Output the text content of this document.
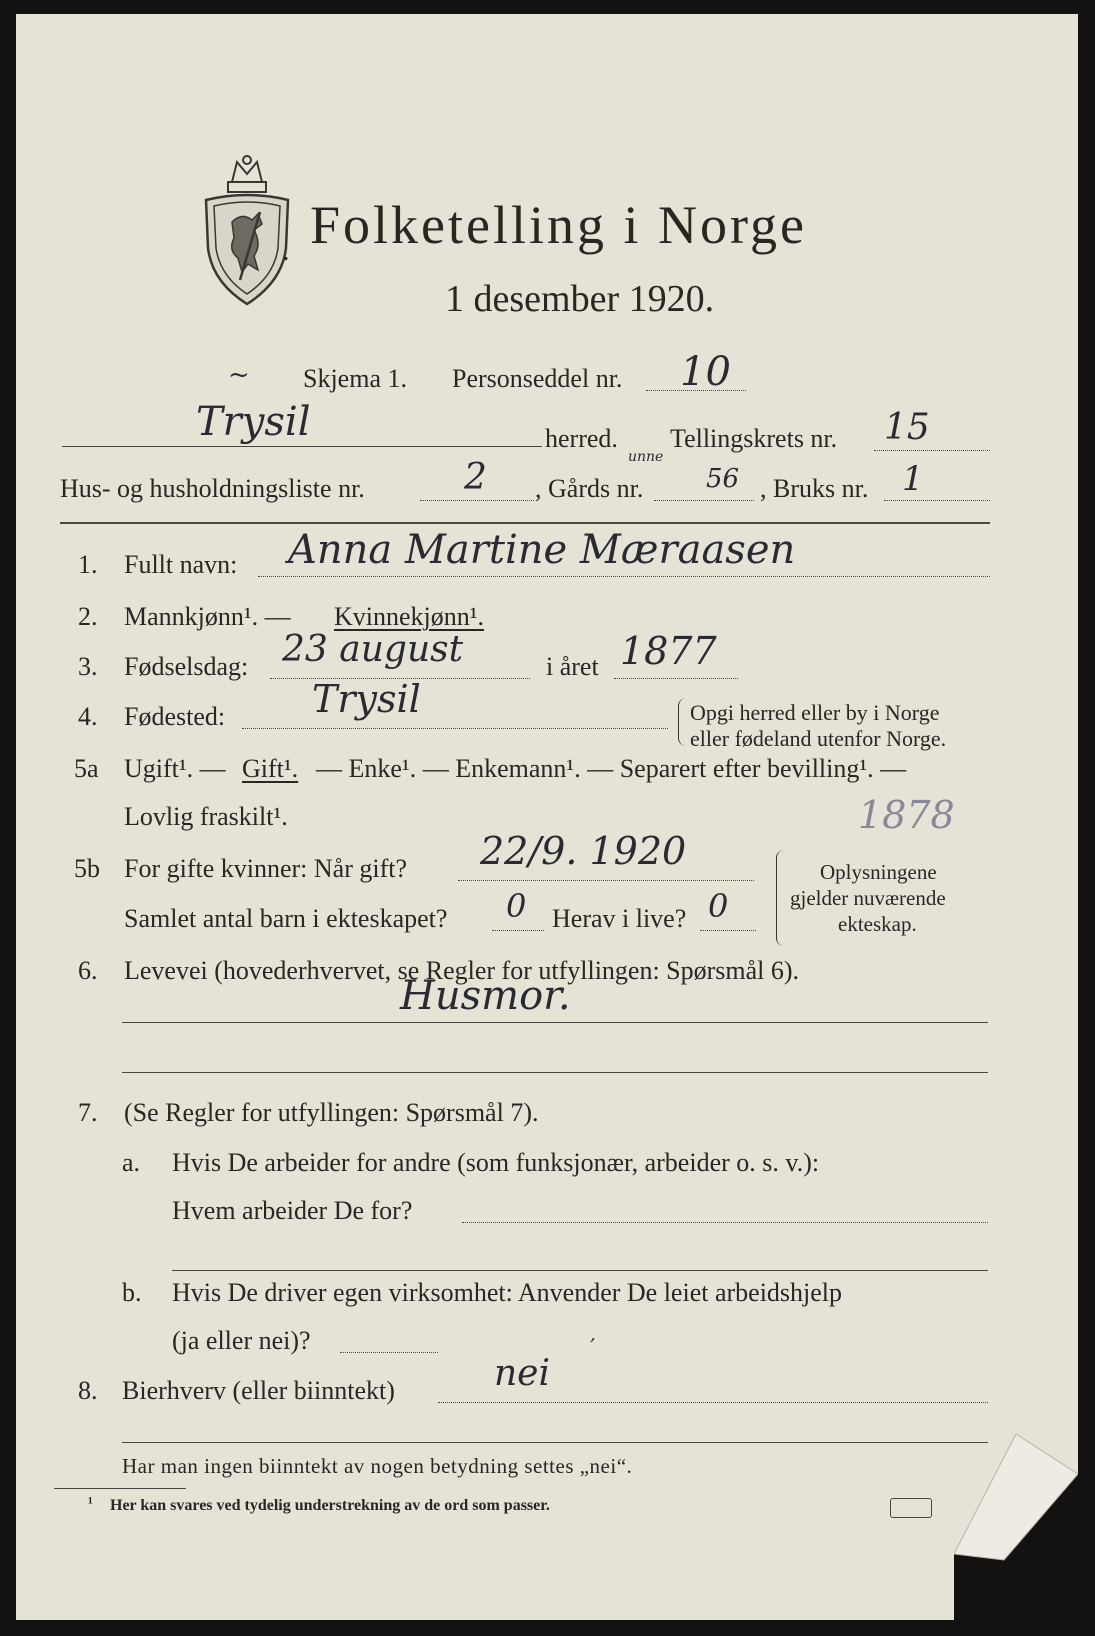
. Folketelling i Norge
1 desember 1920.
~ Skjema 1. Personseddel nr. 10
Trysil	herred. Tellingskrets nr. 15
Hus- og husholdningsliste nr.	2 , Gårds nr. 56
unne
, Bruks nr. 1
1. Fullt navn: Anna Martine Mæraasen
2. Mannkjønn¹. — Kvinnekjønn¹.
3. Fødselsdag: 23 august	i året 1877
4. Fødested: Trysil	Opgi herred eller by i Norge
eller fødeland utenfor Norge.
5a Ugift¹. — Gift¹. — Enke¹. — Enkemann¹. — Separert efter bevilling¹. —
Lovlig fraskilt¹.	1878
5b For gifte kvinner: Når gift? 22/9. 1920
Samlet antal barn i ekteskapet? 0 Herav i live? 0
Oplysningene
gjelder nuværende
ekteskap.
6. Levevei (hovederhvervet, se Regler for utfyllingen: Spørsmål 6).
Husmor.
7. (Se Regler for utfyllingen: Spørsmål 7).
a. Hvis De arbeider for andre (som funksjonær, arbeider o. s. v.):
Hvem arbeider De for?
b. Hvis De driver egen virksomhet: Anvender De leiet arbeidshjelp
(ja eller nei)?	,
8. Bierhverv (eller biinntekt)	nei
Har man ingen biinntekt av nogen betydning settes „nei“.
¹ Her kan svares ved tydelig understrekning av de ord som passer.
